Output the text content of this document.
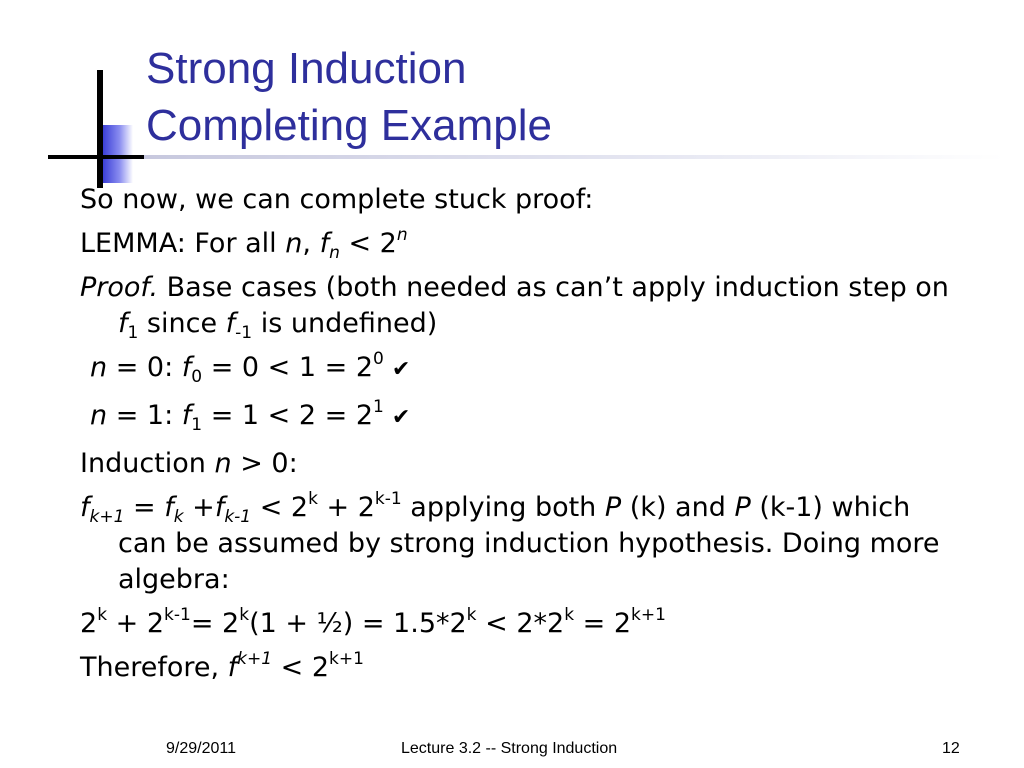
Strong Induction
Completing Example
So now, we can complete stuck proof:
LEMMA: For all n, $f_n < 2^n$
Proof. Base cases (both needed as can’t apply induction step on $f_1$ since $f_{-1}$ is undefined)
n = 0: $f_0 = 0 < 1 = 2^0$ ✔
n = 1: $f_1 = 1 < 2 = 2^1$ ✔
Induction n > 0:
$f_{k+1} = f_k +f_{k-1} < 2^k + 2^{k-1}$ applying both P (k) and P (k-1) which can be assumed by strong induction hypothesis. Doing more algebra:
$2^k + 2^{k-1}= 2^k(1$ + ½) = $1.5*2^k < 2*2^k = 2^{k+1}$
Therefore, $f^{k+1} < 2^{k+1}$
9/29/2011	Lecture 3.2 -- Strong Induction	12
